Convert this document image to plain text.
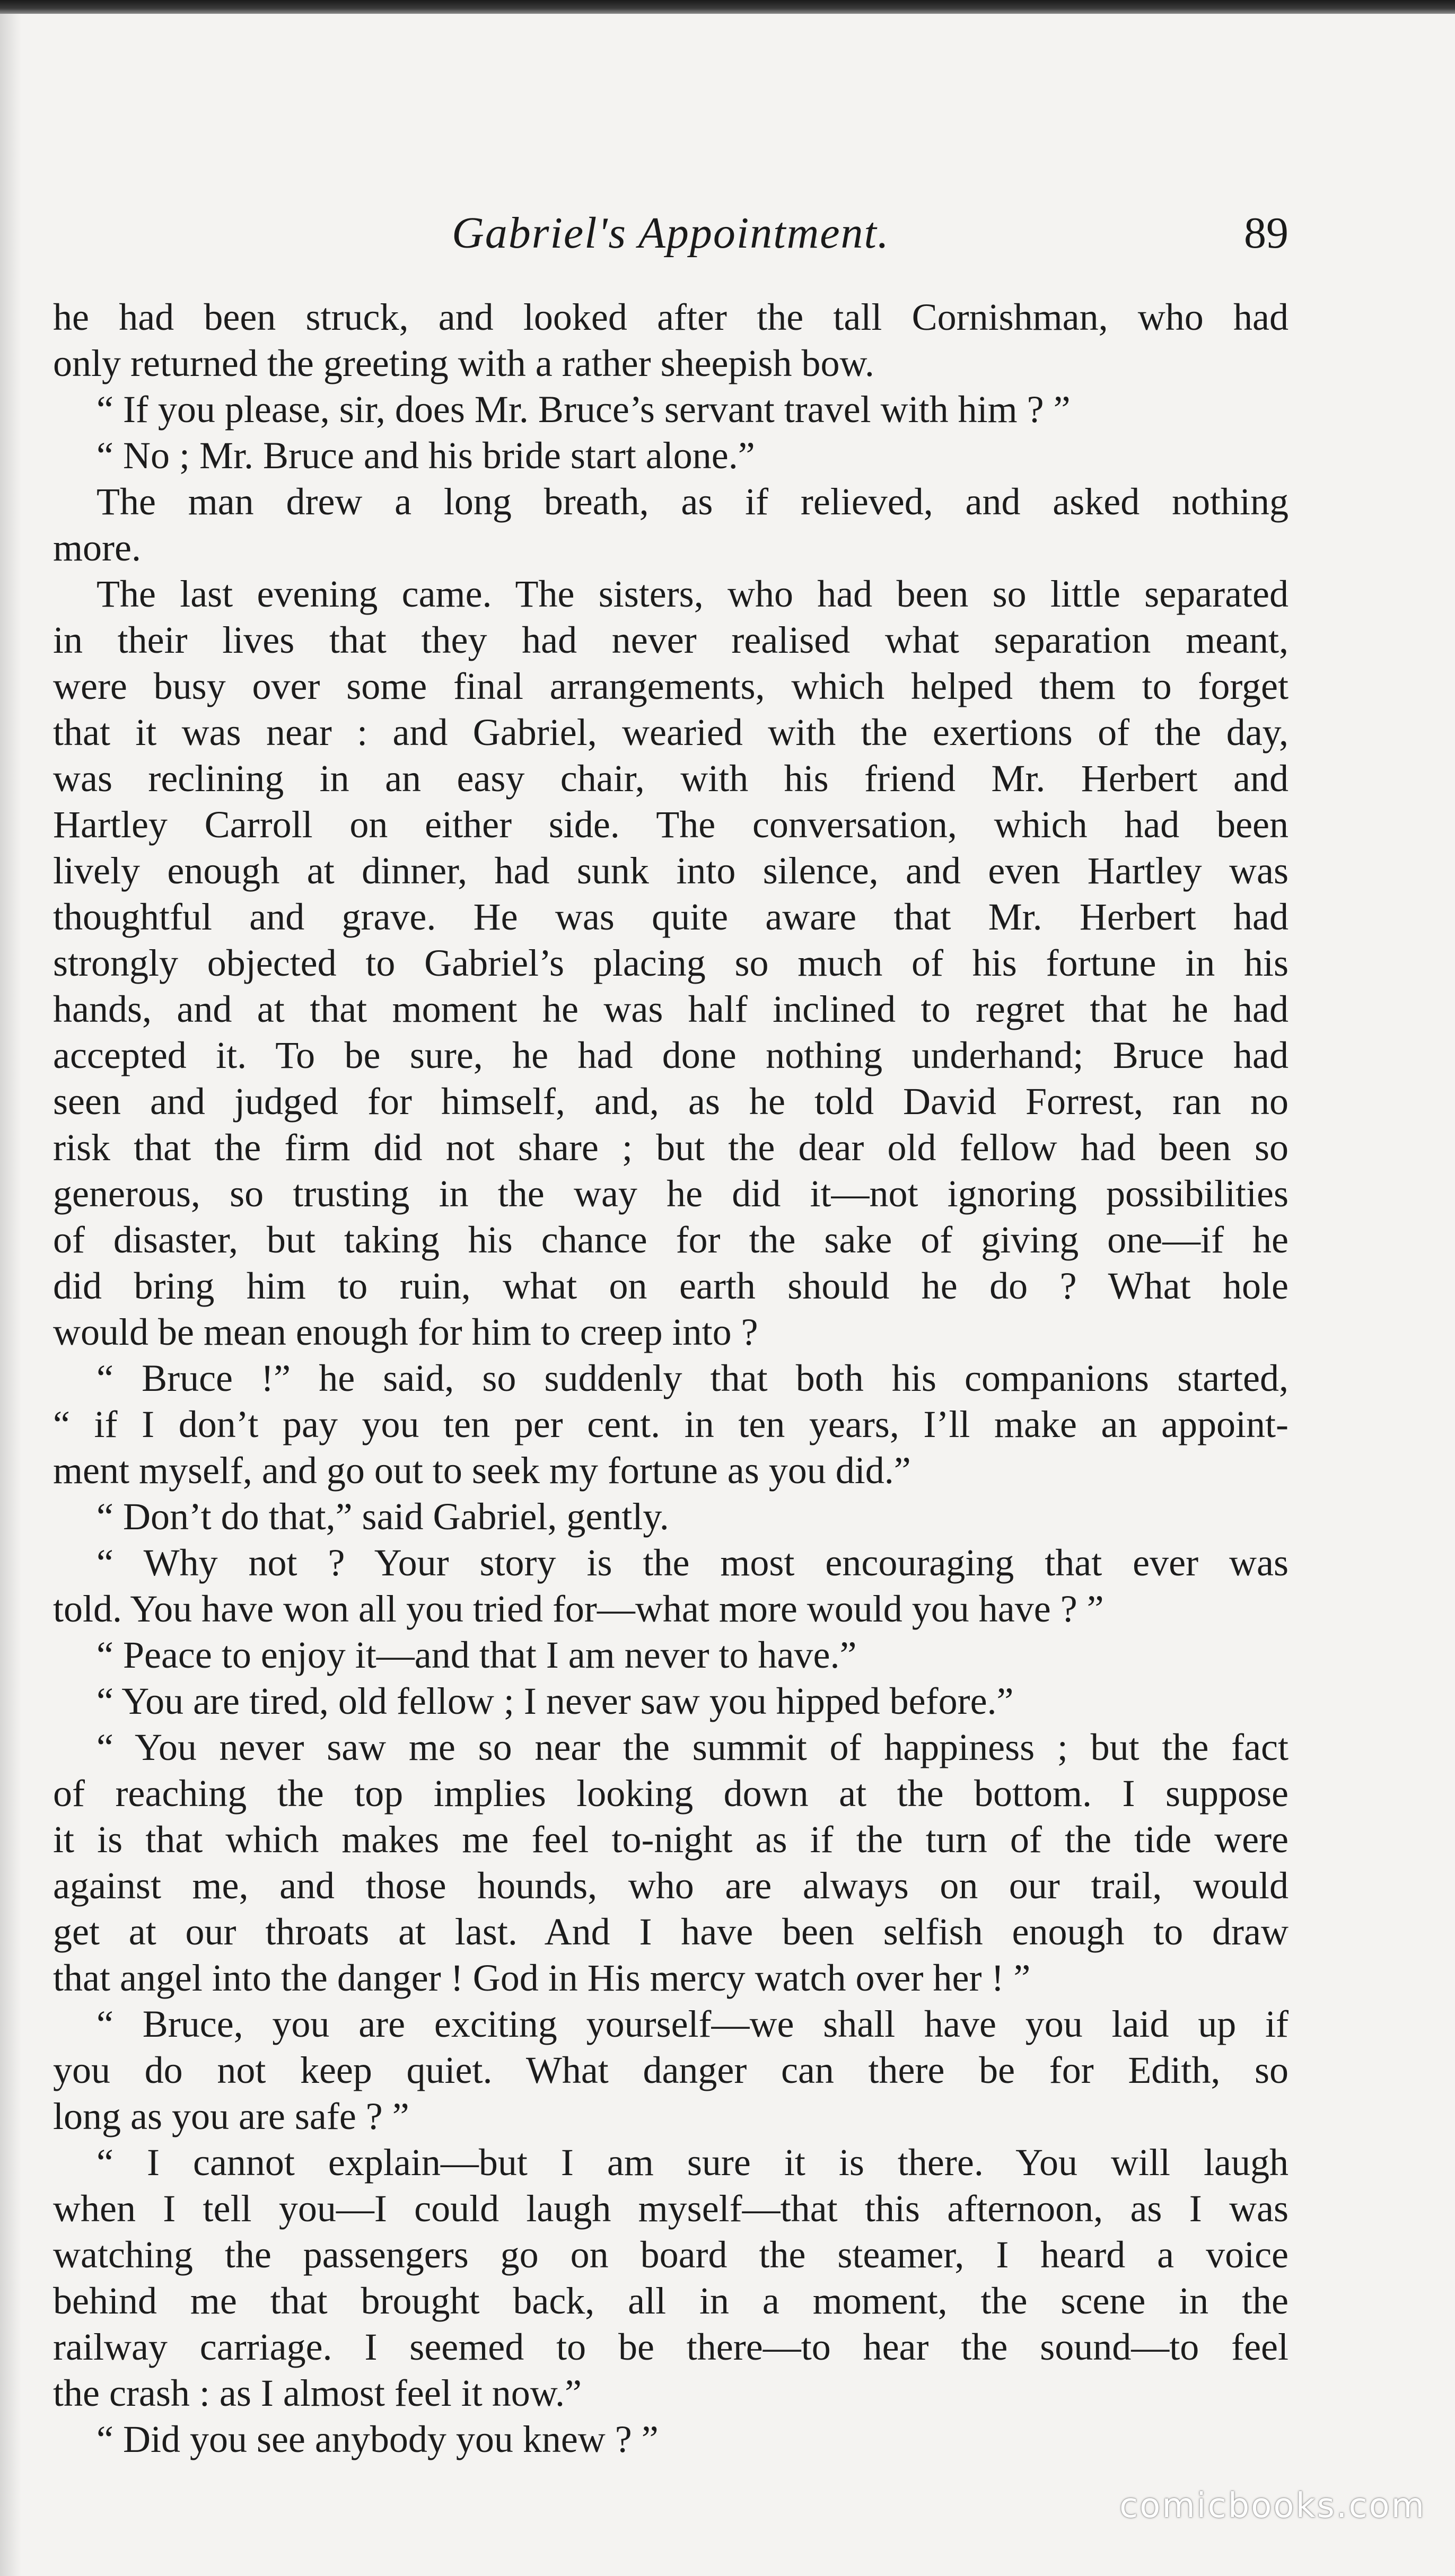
Gabriel's Appointment.	89
he had been struck, and looked after the tall Cornishman, who had
only returned the greeting with a rather sheepish bow.
“ If you please, sir, does Mr. Bruce’s servant travel with him ? ”
“ No ; Mr. Bruce and his bride start alone.”
The man drew a long breath, as if relieved, and asked nothing
more.
The last evening came. The sisters, who had been so little separated
in their lives that they had never realised what separation meant,
were busy over some final arrangements, which helped them to forget
that it was near : and Gabriel, wearied with the exertions of the day,
was reclining in an easy chair, with his friend Mr. Herbert and
Hartley Carroll on either side. The conversation, which had been
lively enough at dinner, had sunk into silence, and even Hartley was
thoughtful and grave. He was quite aware that Mr. Herbert had
strongly objected to Gabriel’s placing so much of his fortune in his
hands, and at that moment he was half inclined to regret that he had
accepted it. To be sure, he had done nothing underhand; Bruce had
seen and judged for himself, and, as he told David Forrest, ran no
risk that the firm did not share ; but the dear old fellow had been so
generous, so trusting in the way he did it—not ignoring possibilities
of disaster, but taking his chance for the sake of giving one—if he
did bring him to ruin, what on earth should he do ? What hole
would be mean enough for him to creep into ?
“ Bruce !” he said, so suddenly that both his companions started,
“ if I don’t pay you ten per cent. in ten years, I’ll make an appoint-
ment myself, and go out to seek my fortune as you did.”
“ Don’t do that,” said Gabriel, gently.
“ Why not ? Your story is the most encouraging that ever was
told. You have won all you tried for—what more would you have ? ”
“ Peace to enjoy it—and that I am never to have.”
“ You are tired, old fellow ; I never saw you hipped before.”
“ You never saw me so near the summit of happiness ; but the fact
of reaching the top implies looking down at the bottom. I suppose
it is that which makes me feel to-night as if the turn of the tide were
against me, and those hounds, who are always on our trail, would
get at our throats at last. And I have been selfish enough to draw
that angel into the danger ! God in His mercy watch over her ! ”
“ Bruce, you are exciting yourself—we shall have you laid up if
you do not keep quiet. What danger can there be for Edith, so
long as you are safe ? ”
“ I cannot explain—but I am sure it is there. You will laugh
when I tell you—I could laugh myself—that this afternoon, as I was
watching the passengers go on board the steamer, I heard a voice
behind me that brought back, all in a moment, the scene in the
railway carriage. I seemed to be there—to hear the sound—to feel
the crash : as I almost feel it now.”
“ Did you see anybody you knew ? ”
comicbooks.com
